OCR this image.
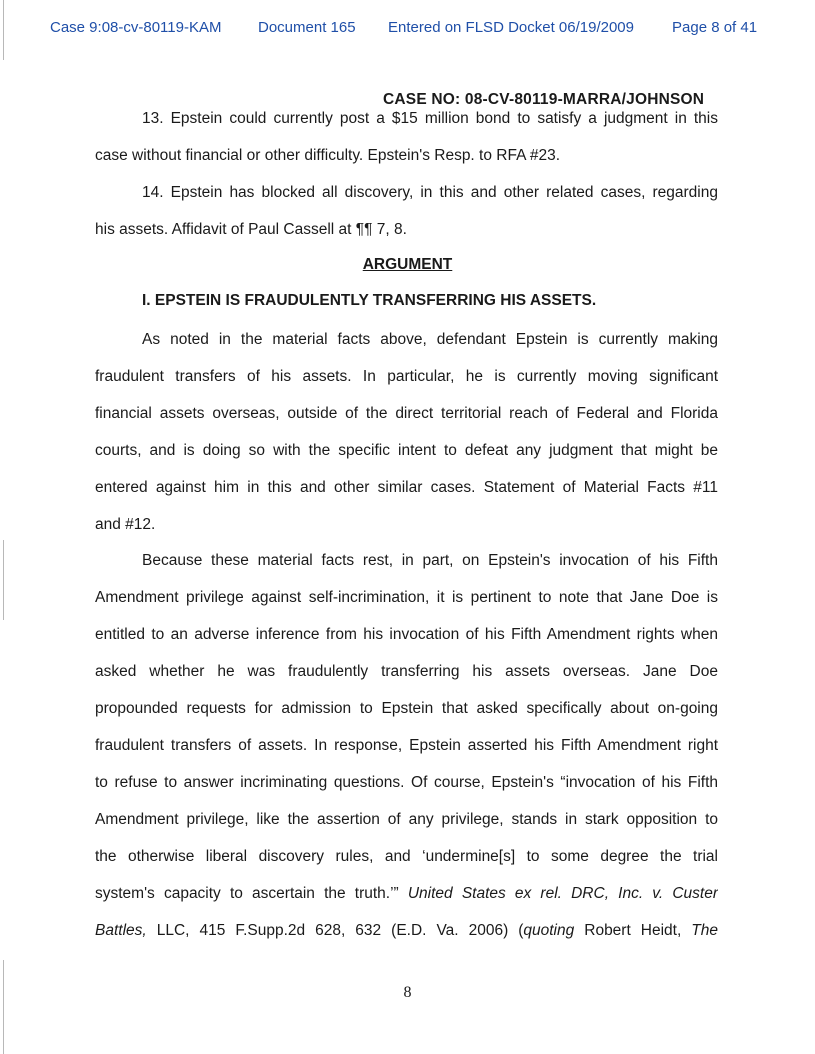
Case 9:08-cv-80119-KAM Document 165 Entered on FLSD Docket 06/19/2009	Page 8 of 41
CASE NO: 08-CV-80119-MARRA/JOHNSON
13. Epstein could currently post a $15 million bond to satisfy a judgment in this
case without financial or other difficulty. Epstein's Resp. to RFA #23.
14. Epstein has blocked all discovery, in this and other related cases, regarding
his assets. Affidavit of Paul Cassell at ¶¶ 7, 8.
ARGUMENT
I. EPSTEIN IS FRAUDULENTLY TRANSFERRING HIS ASSETS.
As noted in the material facts above, defendant Epstein is currently making
fraudulent transfers of his assets. In particular, he is currently moving significant
financial assets overseas, outside of the direct territorial reach of Federal and Florida
courts, and is doing so with the specific intent to defeat any judgment that might be
entered against him in this and other similar cases. Statement of Material Facts #11
and #12.
Because these material facts rest, in part, on Epstein's invocation of his Fifth
Amendment privilege against self-incrimination, it is pertinent to note that Jane Doe is
entitled to an adverse inference from his invocation of his Fifth Amendment rights when
asked whether he was fraudulently transferring his assets overseas. Jane Doe
propounded requests for admission to Epstein that asked specifically about on-going
fraudulent transfers of assets. In response, Epstein asserted his Fifth Amendment right
to refuse to answer incriminating questions. Of course, Epstein's “invocation of his Fifth
Amendment privilege, like the assertion of any privilege, stands in stark opposition to
the otherwise liberal discovery rules, and ‘undermine[s] to some degree the trial
system's capacity to ascertain the truth.’” United States ex rel. DRC, Inc. v. Custer
Battles, LLC, 415 F.Supp.2d 628, 632 (E.D. Va. 2006) (quoting Robert Heidt, The
8
